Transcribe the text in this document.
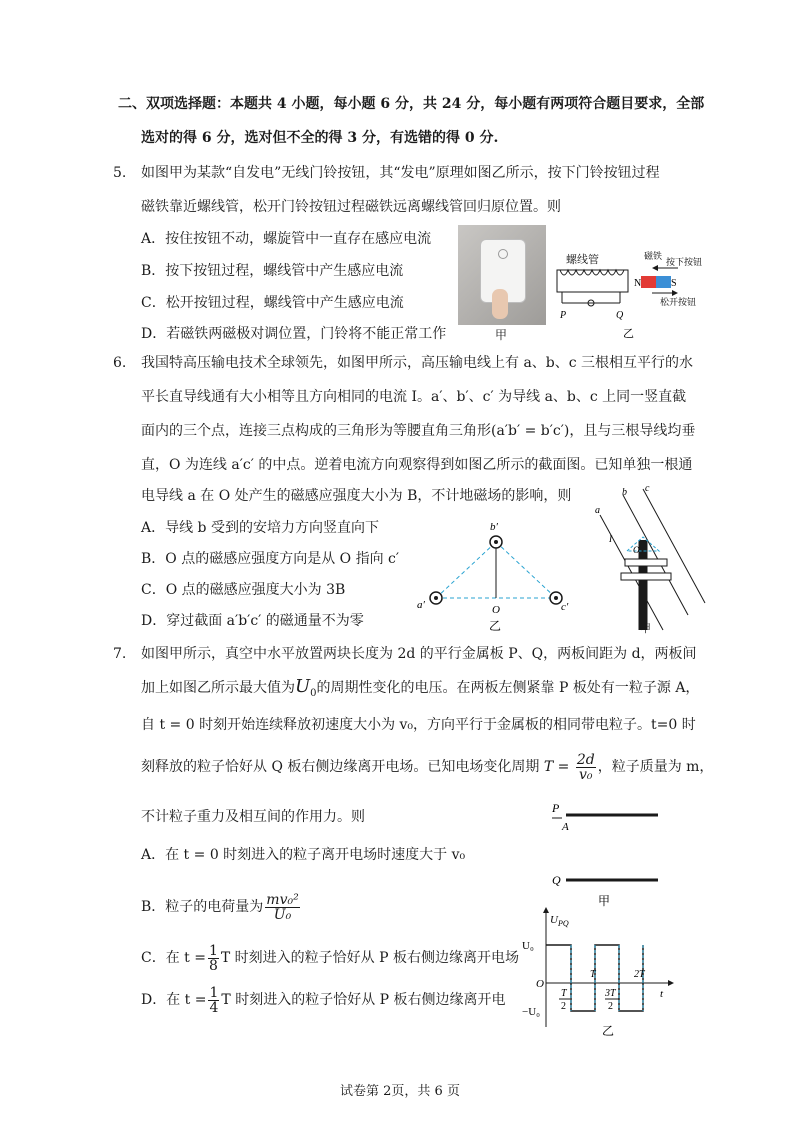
二、双项选择题：本题共 4 小题，每小题 6 分，共 24 分，每小题有两项符合题目要求，全部
选对的得 6 分，选对但不全的得 3 分，有选错的得 0 分.
5. 如图甲为某款“自发电”无线门铃按钮，其“发电”原理如图乙所示，按下门铃按钮过程
磁铁靠近螺线管，松开门铃按钮过程磁铁远离螺线管回归原位置。则
A．按住按钮不动，螺旋管中一直存在感应电流
B．按下按钮过程，螺线管中产生感应电流
C．松开按钮过程，螺线管中产生感应电流
D．若磁铁两磁极对调位置，门铃将不能正常工作	甲
螺线管
P	Q
N	S
磁铁
按下按钮
松开按钮
乙
6. 我国特高压输电技术全球领先，如图甲所示，高压输电线上有 a、b、c 三根相互平行的水
平长直导线通有大小相等且方向相同的电流 I。a′、b′、c′ 为导线 a、b、c 上同一竖直截
面内的三个点，连接三点构成的三角形为等腰直角三角形(a′b′ = b′c′)，且与三根导线均垂
直，O 为连线 a′c′ 的中点。逆着电流方向观察得到如图乙所示的截面图。已知单独一根通
电导线 a 在 O 处产生的磁感应强度大小为 B，不计地磁场的影响，则
A．导线 b 受到的安培力方向竖直向下
B．O 点的磁感应强度方向是从 O 指向 c′
C．O 点的磁感应强度大小为 3B
D．穿过截面 a′b′c′ 的磁通量不为零
b′
a′	c′
O
乙
a
b c
I
O
甲
7. 如图甲所示，真空中水平放置两块长度为 2d 的平行金属板 P、Q，两板间距为 d，两板间
加上如图乙所示最大值为$U_0$的周期性变化的电压。在两板左侧紧靠 P 板处有一粒子源 A，
自 t = 0 时刻开始连续释放初速度大小为 v₀，方向平行于金属板的相同带电粒子。t=0 时
刻释放的粒子恰好从 Q 板右侧边缘离开电场。已知电场变化周期 $T = \frac{2d}{\text{v₀}}$ ，粒子质量为 m，
不计粒子重力及相互间的作用力。则
A．在 t = 0 时刻进入的粒子离开电场时速度大于 v₀
B．粒子的电荷量为 $\frac{\text{mv₀²}}{\text{U₀}}$
C．在 $t = \frac{1}{8}$ T 时刻进入的粒子恰好从 P 板右侧边缘离开电场
D．在 $t = \frac{1}{4}$ T 时刻进入的粒子恰好从 P 板右侧边缘离开电
P
A
Q
甲
U PQ
t
U₀
−U₀
O
T
2
T
3T
2
2T
乙
试卷第 2页，共 6 页
